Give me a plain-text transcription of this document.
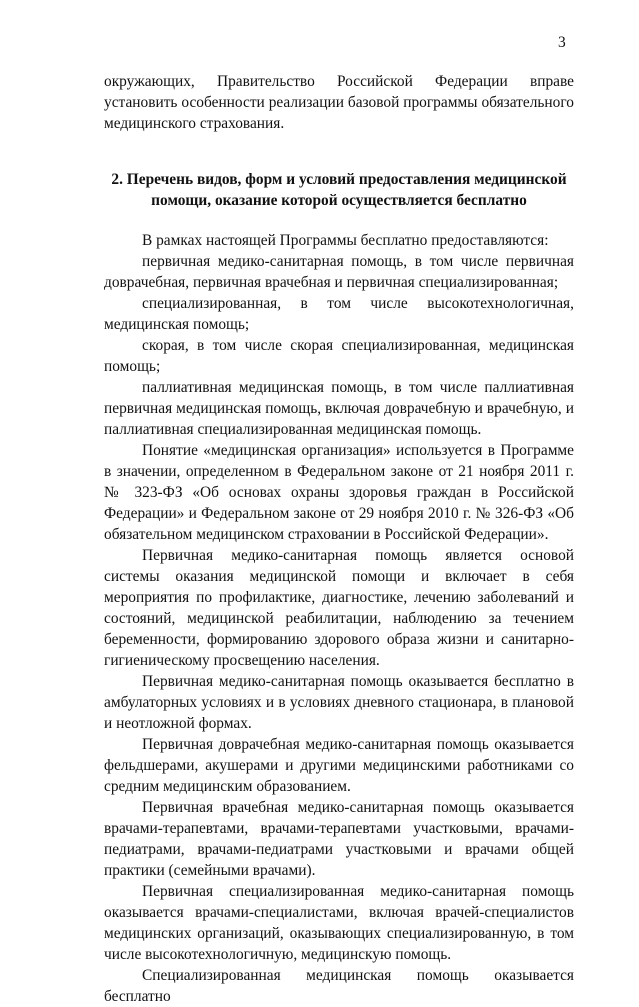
3

окружающих, Правительство Российской Федерации вправе установить особенности реализации базовой программы обязательного медицинского страхования.

2. Перечень видов, форм и условий предоставления медицинской помощи, оказание которой осуществляется бесплатно

В рамках настоящей Программы бесплатно предоставляются:

первичная медико-санитарная помощь, в том числе первичная доврачебная, первичная врачебная и первичная специализированная;

специализированная, в том числе высокотехнологичная, медицинская помощь;

скорая, в том числе скорая специализированная, медицинская помощь;

паллиативная медицинская помощь, в том числе паллиативная первичная медицинская помощь, включая доврачебную и врачебную, и паллиативная специализированная медицинская помощь.

Понятие «медицинская организация» используется в Программе в значении, определенном в Федеральном законе от 21 ноября 2011 г. № 323-ФЗ «Об основах охраны здоровья граждан в Российской Федерации» и Федеральном законе от 29 ноября 2010 г. № 326-ФЗ «Об обязательном медицинском страховании в Российской Федерации».

Первичная медико-санитарная помощь является основой системы оказания медицинской помощи и включает в себя мероприятия по профилактике, диагностике, лечению заболеваний и состояний, медицинской реабилитации, наблюдению за течением беременности, формированию здорового образа жизни и санитарно-гигиеническому просвещению населения.

Первичная медико-санитарная помощь оказывается бесплатно в амбулаторных условиях и в условиях дневного стационара, в плановой и неотложной формах.

Первичная доврачебная медико-санитарная помощь оказывается фельдшерами, акушерами и другими медицинскими работниками со средним медицинским образованием.

Первичная врачебная медико-санитарная помощь оказывается врачами-терапевтами, врачами-терапевтами участковыми, врачами-педиатрами, врачами-педиатрами участковыми и врачами общей практики (семейными врачами).

Первичная специализированная медико-санитарная помощь оказывается врачами-специалистами, включая врачей-специалистов медицинских организаций, оказывающих специализированную, в том числе высокотехнологичную, медицинскую помощь.

Специализированная медицинская помощь оказывается бесплатно
